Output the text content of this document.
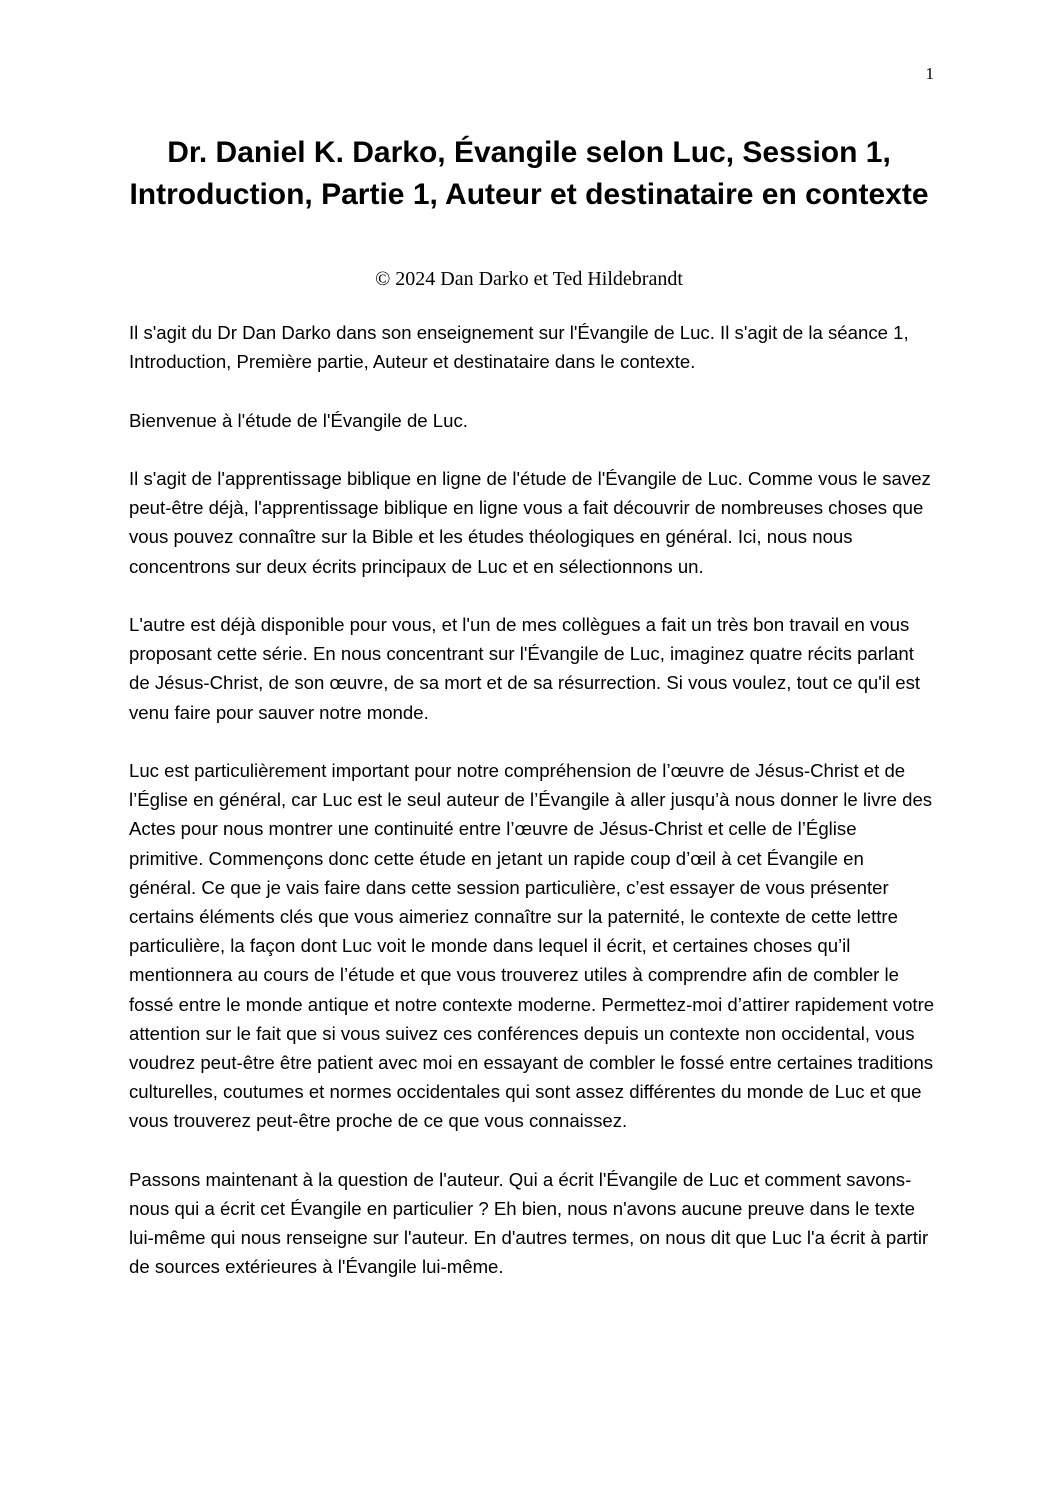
1
Dr. Daniel K. Darko, Évangile selon Luc, Session 1, Introduction, Partie 1, Auteur et destinataire en contexte
© 2024 Dan Darko et Ted Hildebrandt

Il s'agit du Dr Dan Darko dans son enseignement sur l'Évangile de Luc. Il s'agit de la séance 1, Introduction, Première partie, Auteur et destinataire dans le contexte.

Bienvenue à l'étude de l'Évangile de Luc.

Il s'agit de l'apprentissage biblique en ligne de l'étude de l'Évangile de Luc. Comme vous le savez peut-être déjà, l'apprentissage biblique en ligne vous a fait découvrir de nombreuses choses que vous pouvez connaître sur la Bible et les études théologiques en général. Ici, nous nous concentrons sur deux écrits principaux de Luc et en sélectionnons un.

L'autre est déjà disponible pour vous, et l'un de mes collègues a fait un très bon travail en vous proposant cette série. En nous concentrant sur l'Évangile de Luc, imaginez quatre récits parlant de Jésus-Christ, de son œuvre, de sa mort et de sa résurrection. Si vous voulez, tout ce qu'il est venu faire pour sauver notre monde.

Luc est particulièrement important pour notre compréhension de l’œuvre de Jésus-Christ et de l’Église en général, car Luc est le seul auteur de l’Évangile à aller jusqu’à nous donner le livre des Actes pour nous montrer une continuité entre l’œuvre de Jésus-Christ et celle de l’Église primitive. Commençons donc cette étude en jetant un rapide coup d’œil à cet Évangile en général. Ce que je vais faire dans cette session particulière, c’est essayer de vous présenter certains éléments clés que vous aimeriez connaître sur la paternité, le contexte de cette lettre particulière, la façon dont Luc voit le monde dans lequel il écrit, et certaines choses qu’il mentionnera au cours de l’étude et que vous trouverez utiles à comprendre afin de combler le fossé entre le monde antique et notre contexte moderne. Permettez-moi d’attirer rapidement votre attention sur le fait que si vous suivez ces conférences depuis un contexte non occidental, vous voudrez peut-être être patient avec moi en essayant de combler le fossé entre certaines traditions culturelles, coutumes et normes occidentales qui sont assez différentes du monde de Luc et que vous trouverez peut-être proche de ce que vous connaissez.

Passons maintenant à la question de l'auteur. Qui a écrit l'Évangile de Luc et comment savons-nous qui a écrit cet Évangile en particulier ? Eh bien, nous n'avons aucune preuve dans le texte lui-même qui nous renseigne sur l'auteur. En d'autres termes, on nous dit que Luc l'a écrit à partir de sources extérieures à l'Évangile lui-même.
